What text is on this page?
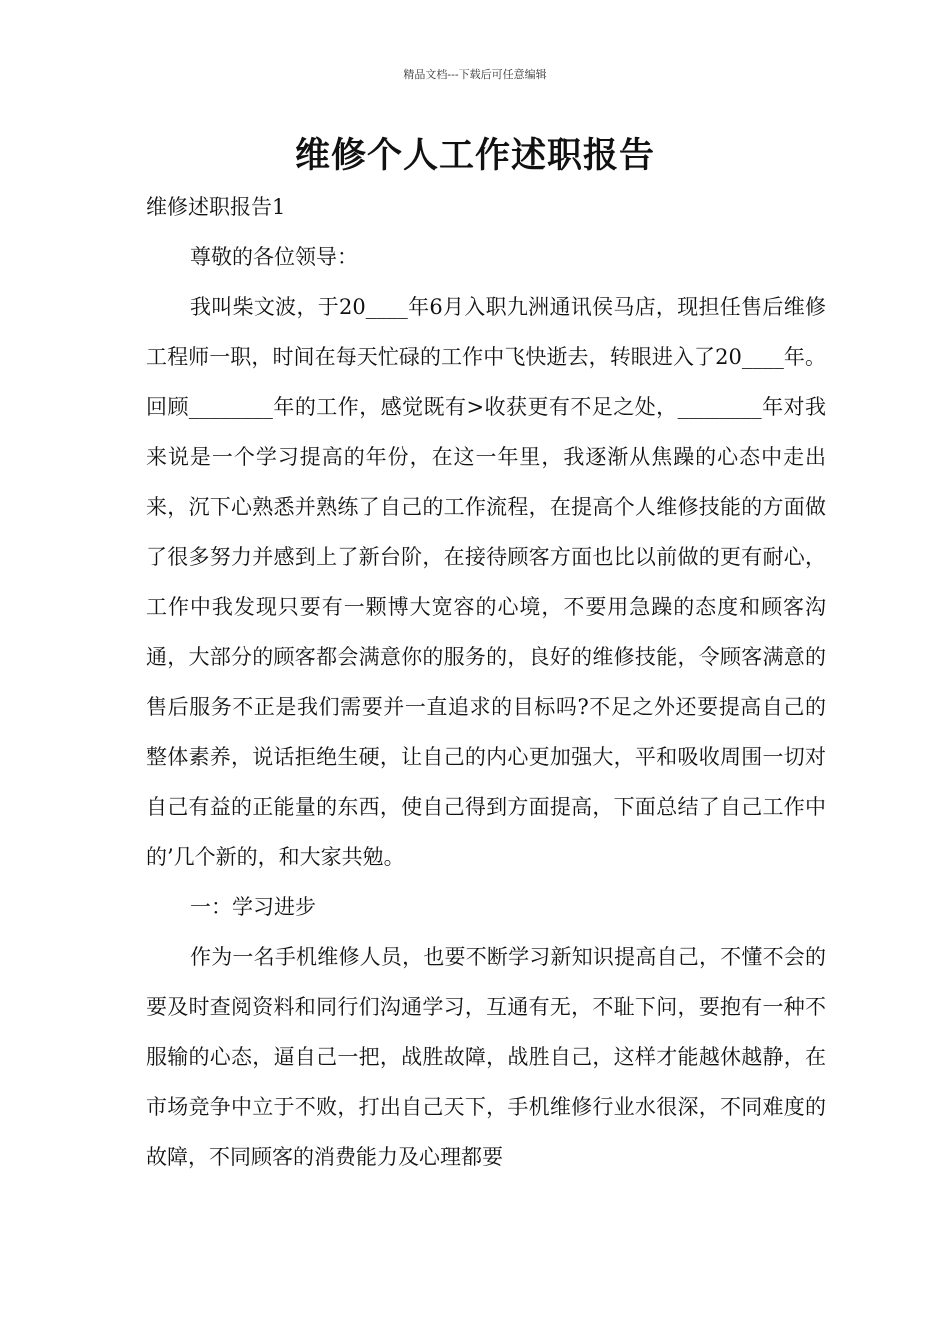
精品文档---下载后可任意编辑
维修个人工作述职报告

维修述职报告1

尊敬的各位领导：

我叫柴文波，于20____年6月入职九洲通讯侯马店，现担任售后维修工程师一职，时间在每天忙碌的工作中飞快逝去，转眼进入了20____年。回顾________年的工作，感觉既有>收获更有不足之处，________年对我来说是一个学习提高的年份，在这一年里，我逐渐从焦躁的心态中走出来，沉下心熟悉并熟练了自己的工作流程，在提高个人维修技能的方面做了很多努力并感到上了新台阶，在接待顾客方面也比以前做的更有耐心，工作中我发现只要有一颗博大宽容的心境，不要用急躁的态度和顾客沟通，大部分的顾客都会满意你的服务的，良好的维修技能，令顾客满意的售后服务不正是我们需要并一直追求的目标吗?不足之外还要提高自己的整体素养，说话拒绝生硬，让自己的内心更加强大，平和吸收周围一切对自己有益的正能量的东西，使自己得到方面提高，下面总结了自己工作中的’几个新的，和大家共勉。

一：学习进步

作为一名手机维修人员，也要不断学习新知识提高自己，不懂不会的要及时查阅资料和同行们沟通学习，互通有无，不耻下问，要抱有一种不服输的心态，逼自己一把，战胜故障，战胜自己，这样才能越休越静，在市场竞争中立于不败，打出自己天下，手机维修行业水很深，不同难度的故障，不同顾客的消费能力及心理都要
